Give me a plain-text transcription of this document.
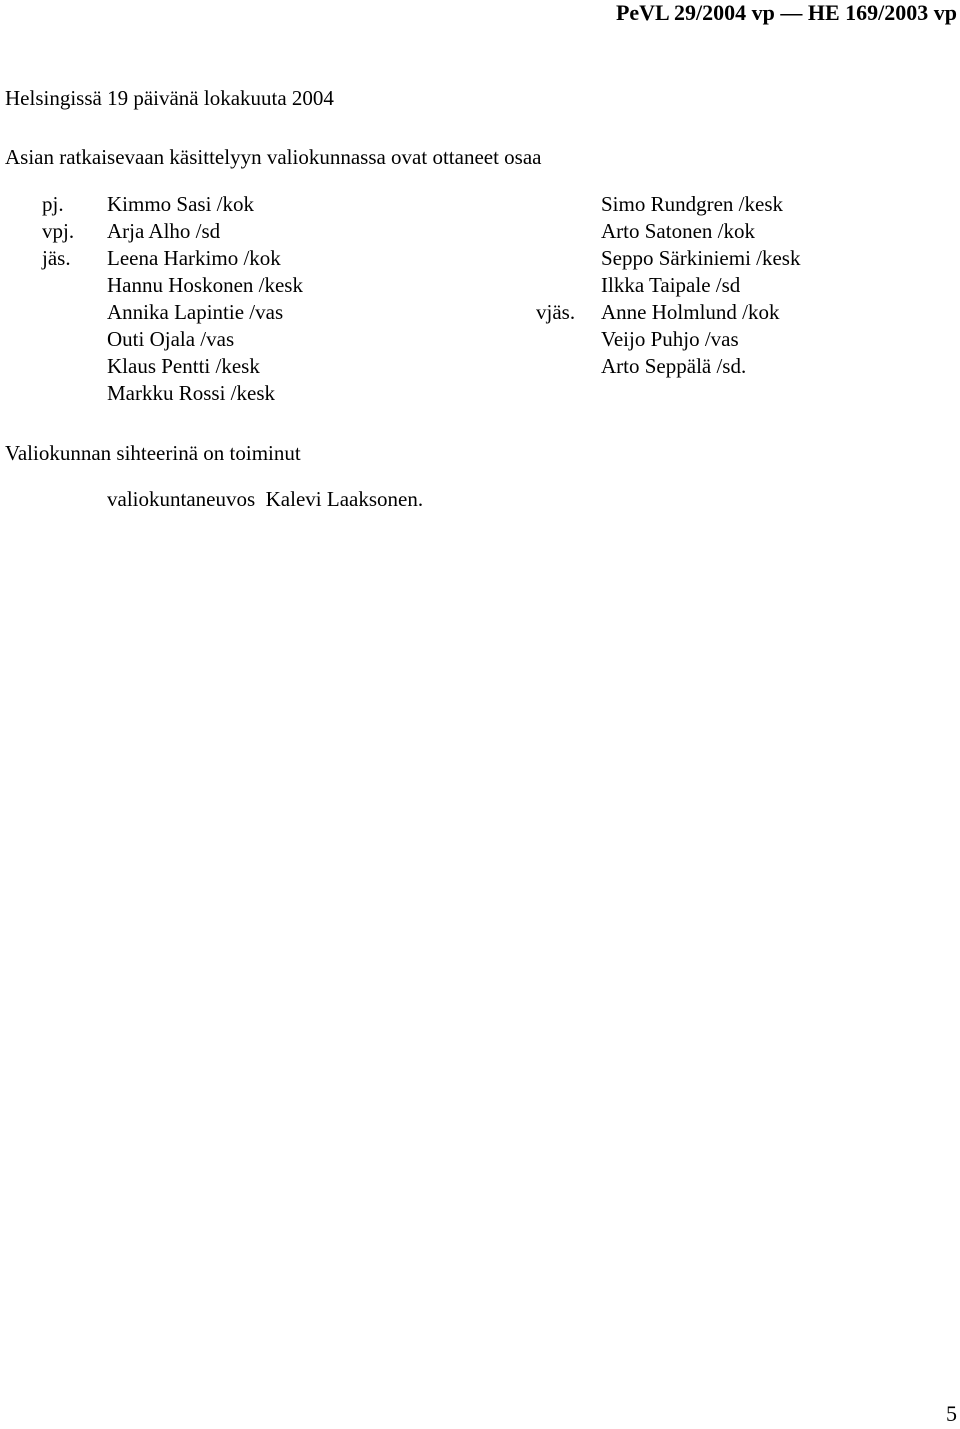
PeVL 29/2004 vp — HE 169/2003 vp
Helsingissä 19 päivänä lokakuuta 2004
Asian ratkaisevaan käsittelyyn valiokunnassa ovat ottaneet osaa
pj. Kimmo Sasi /kok	Simo Rundgren /kesk
vpj. Arja Alho /sd	Arto Satonen /kok
jäs. Leena Harkimo /kok	Seppo Särkiniemi /kesk
Hannu Hoskonen /kesk	Ilkka Taipale /sd
Annika Lapintie /vas	vjäs. Anne Holmlund /kok
Outi Ojala /vas	Veijo Puhjo /vas
Klaus Pentti /kesk	Arto Seppälä /sd.
Markku Rossi /kesk
Valiokunnan sihteerinä on toiminut
valiokuntaneuvos  Kalevi Laaksonen.
5
